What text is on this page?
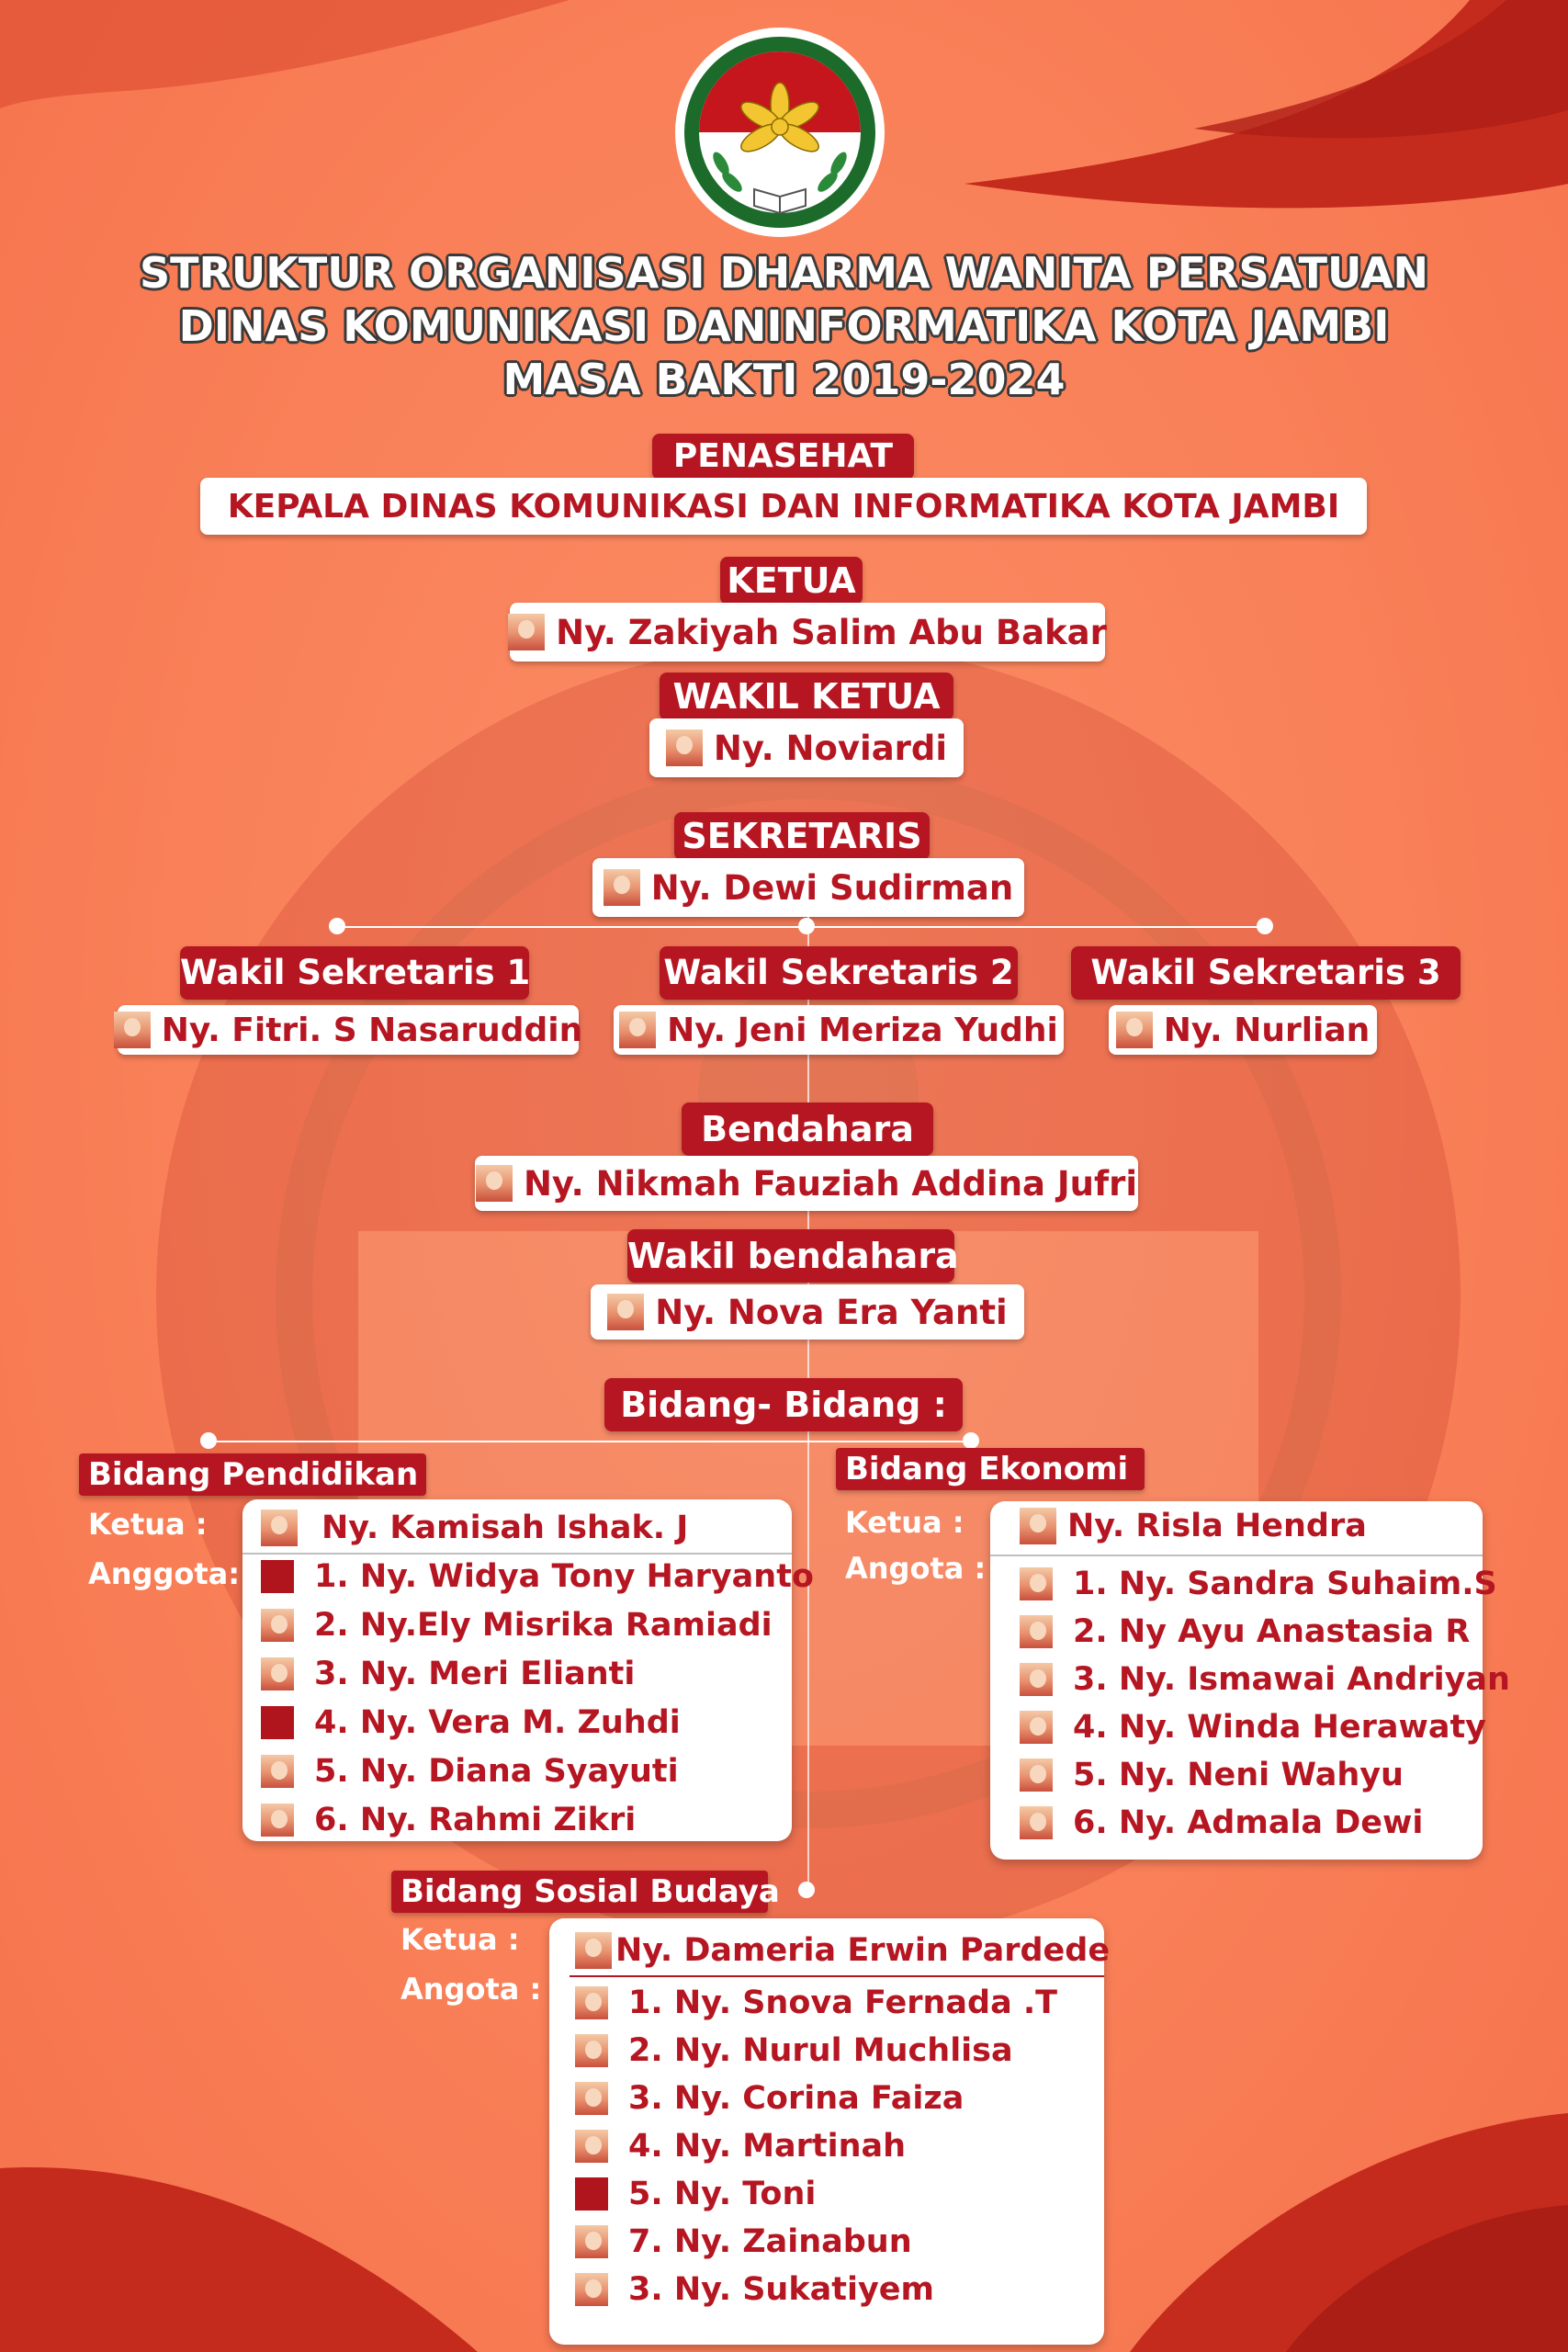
STRUKTUR ORGANISASI DHARMA WANITA PERSATUAN
DINAS KOMUNIKASI DANINFORMATIKA KOTA JAMBI
MASA BAKTI 2019-2024
PENASEHAT
KEPALA DINAS KOMUNIKASI DAN INFORMATIKA KOTA JAMBI
KETUA
Ny. Zakiyah Salim Abu Bakar
WAKIL KETUA
Ny. Noviardi
SEKRETARIS
Ny. Dewi Sudirman
Wakil Sekretaris 1
Ny. Fitri. S Nasaruddin
Wakil Sekretaris 2
Ny. Jeni Meriza Yudhi
Wakil Sekretaris 3
Ny. Nurlian
Bendahara
Ny. Nikmah Fauziah Addina Jufri
Wakil bendahara
Ny. Nova Era Yanti
Bidang- Bidang :
Bidang Pendidikan
Ketua :
Anggota:
Ny. Kamisah Ishak. J
1. Ny. Widya Tony Haryanto
2. Ny.Ely Misrika Ramiadi
3. Ny. Meri Elianti
4. Ny. Vera M. Zuhdi
5. Ny. Diana Syayuti
6. Ny. Rahmi Zikri
Bidang Ekonomi
Ketua :
Angota :
Ny. Risla Hendra
1. Ny. Sandra Suhaim.S
2. Ny Ayu Anastasia R
3. Ny. Ismawai Andriyan
4. Ny. Winda Herawaty
5. Ny. Neni Wahyu
6. Ny. Admala Dewi
Bidang Sosial Budaya
Ketua :
Angota :
Ny. Dameria Erwin Pardede
1. Ny. Snova Fernada .T
2. Ny. Nurul Muchlisa
3. Ny. Corina Faiza
4. Ny. Martinah
5. Ny. Toni
7. Ny. Zainabun
3. Ny. Sukatiyem
